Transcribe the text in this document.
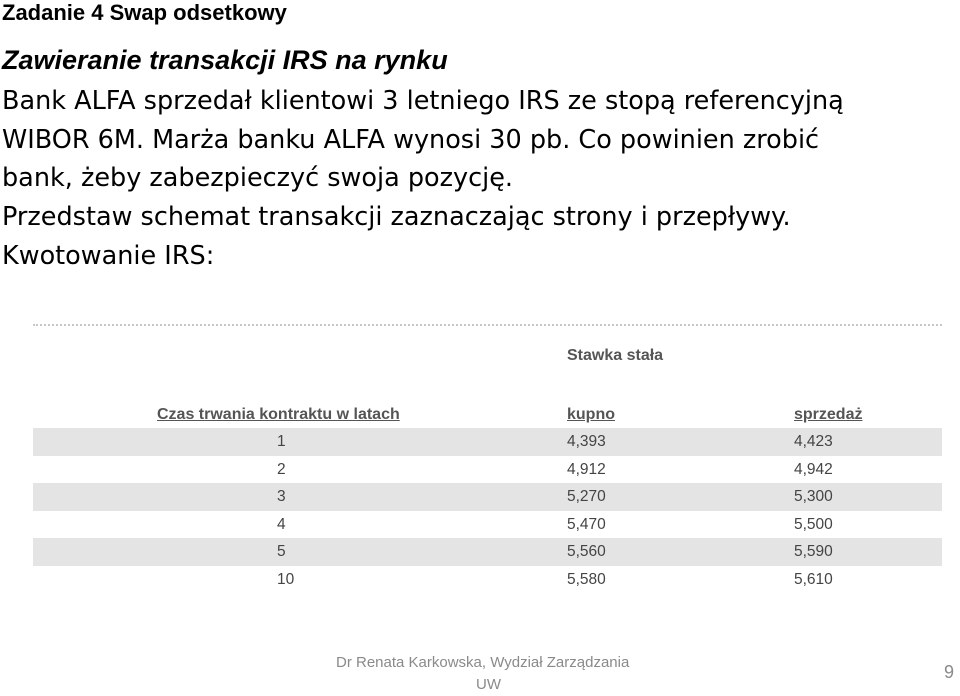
Zadanie 4 Swap odsetkowy
Zawieranie transakcji IRS na rynku
Bank ALFA sprzedał klientowi 3 letniego IRS ze stopą referencyjną
WIBOR 6M. Marża banku ALFA wynosi 30 pb. Co powinien zrobić
bank, żeby zabezpieczyć swoja pozycję.
Przedstaw schemat transakcji zaznaczając strony i przepływy.
Kwotowanie IRS:
Stawka stała
Czas trwania kontraktu w latach	kupno	sprzedaż
1	4,393	4,423
2	4,912	4,942
3	5,270	5,300
4	5,470	5,500
5	5,560	5,590
10	5,580	5,610
Dr Renata Karkowska, Wydział Zarządzania
UW
9
